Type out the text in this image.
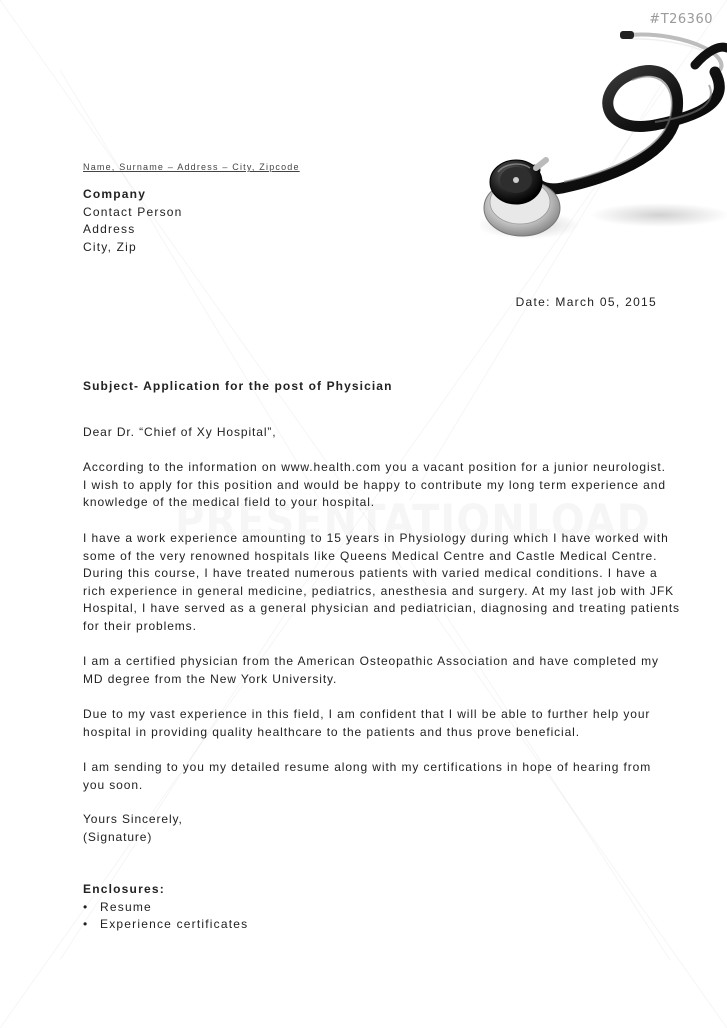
#T26360
Name, Surname – Address – City, Zipcode
Company
Contact Person
Address
City, Zip
Date: March 05, 2015
Subject- Application for the post of Physician
Dear Dr. “Chief of Xy Hospital”,
According to the information on www.health.com you a vacant position for a junior neurologist.
I wish to apply for this position and would be happy to contribute my long term experience and
knowledge of the medical field to your hospital.
I have a work experience amounting to 15 years in Physiology during which I have worked with
some of the very renowned hospitals like Queens Medical Centre and Castle Medical Centre.
During this course, I have treated numerous patients with varied medical conditions. I have a
rich experience in general medicine, pediatrics, anesthesia and surgery. At my last job with JFK
Hospital, I have served as a general physician and pediatrician, diagnosing and treating patients
for their problems.
I am a certified physician from the American Osteopathic Association and have completed my
MD degree from the New York University.
Due to my vast experience in this field, I am confident that I will be able to further help your
hospital in providing quality healthcare to the patients and thus prove beneficial.
I am sending to you my detailed resume along with my certifications in hope of hearing from
you soon.
Yours Sincerely,
(Signature)
Enclosures:
• Resume
• Experience certificates
